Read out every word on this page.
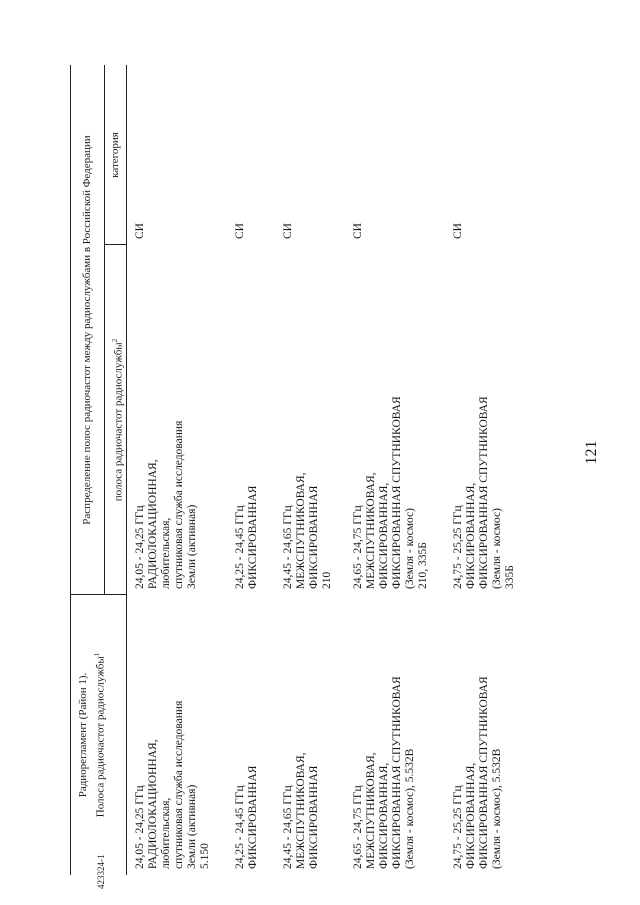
121
423324-1
Радиорегламент (Район 1). Полоса радиочастот радиослужбы$^1$
Распределение полос радиочастот между радиослужбами в Российской Федерации	полоса радиочастот радиослужбы$^2$
категория
24,05 - 24,25 ГГц РАДИОЛОКАЦИОННАЯ, любительская, спутниковая служба исследования Земли (активная) 5.150
24,05 - 24,25 ГГц РАДИОЛОКАЦИОННАЯ, любительская, спутниковая служба исследования Земли (активная)
СИ
24,25 - 24,45 ГГц ФИКСИРОВАННАЯ
24,25 - 24,45 ГГц ФИКСИРОВАННАЯ
СИ
24,45 - 24,65 ГГц МЕЖСПУТНИКОВАЯ, ФИКСИРОВАННАЯ
24,45 - 24,65 ГГц МЕЖСПУТНИКОВАЯ, ФИКСИРОВАННАЯ 210
СИ
24,65 - 24,75 ГГц МЕЖСПУТНИКОВАЯ, ФИКСИРОВАННАЯ, ФИКСИРОВАННАЯ СПУТНИКОВАЯ (Земля - космос), 5.532В
24,65 - 24,75 ГГц МЕЖСПУТНИКОВАЯ, ФИКСИРОВАННАЯ, ФИКСИРОВАННАЯ СПУТНИКОВАЯ (Земля - космос) 210, 335Б
СИ
24,75 - 25,25 ГГц ФИКСИРОВАННАЯ, ФИКСИРОВАННАЯ СПУТНИКОВАЯ (Земля - космос), 5.532В
24,75 - 25,25 ГГц ФИКСИРОВАННАЯ, ФИКСИРОВАННАЯ СПУТНИКОВАЯ (Земля - космос) 335Б
СИ
